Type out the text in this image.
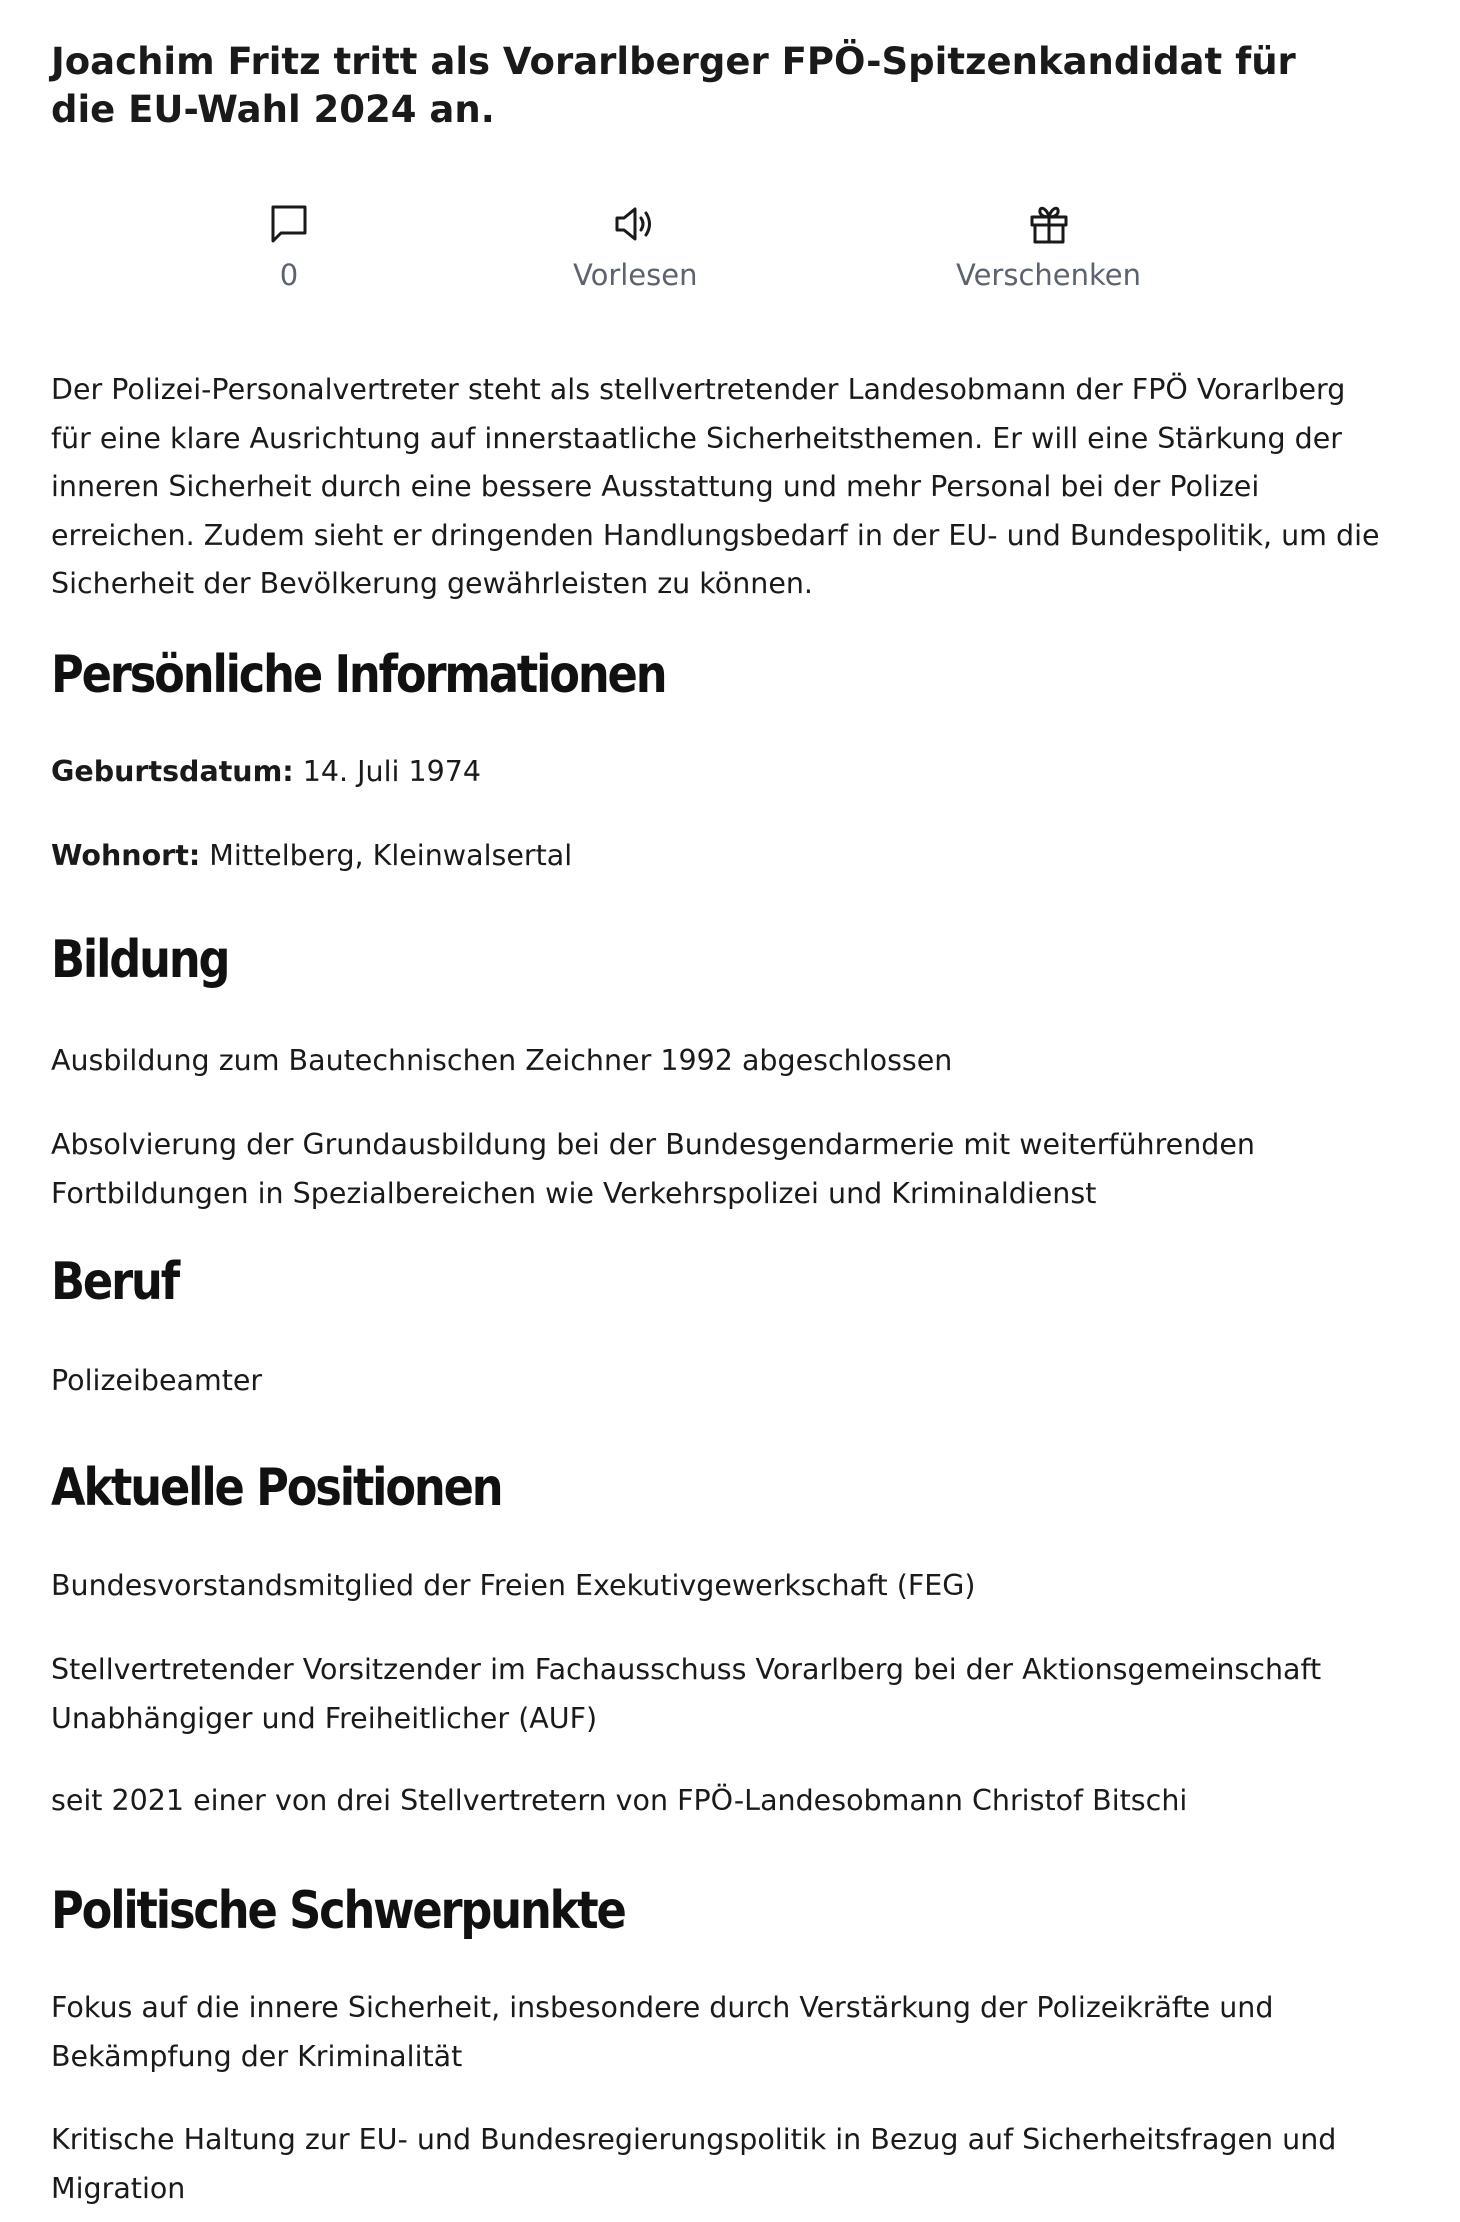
Joachim Fritz tritt als Vorarlberger FPÖ-Spitzenkandidat für die EU-Wahl 2024 an.
0	Vorlesen	Verschenken

Der Polizei-Personalvertreter steht als stellvertretender Landesobmann der FPÖ Vorarlberg für eine klare Ausrichtung auf innerstaatliche Sicherheitsthemen. Er will eine Stärkung der inneren Sicherheit durch eine bessere Ausstattung und mehr Personal bei der Polizei erreichen. Zudem sieht er dringenden Handlungsbedarf in der EU- und Bundespolitik, um die Sicherheit der Bevölkerung gewährleisten zu können.

Persönliche Informationen

Geburtsdatum: 14. Juli 1974

Wohnort: Mittelberg, Kleinwalsertal

Bildung

Ausbildung zum Bautechnischen Zeichner 1992 abgeschlossen

Absolvierung der Grundausbildung bei der Bundesgendarmerie mit weiterführenden Fortbildungen in Spezialbereichen wie Verkehrspolizei und Kriminaldienst

Beruf

Polizeibeamter

Aktuelle Positionen

Bundesvorstandsmitglied der Freien Exekutivgewerkschaft (FEG)

Stellvertretender Vorsitzender im Fachausschuss Vorarlberg bei der Aktionsgemeinschaft Unabhängiger und Freiheitlicher (AUF)

seit 2021 einer von drei Stellvertretern von FPÖ-Landesobmann Christof Bitschi

Politische Schwerpunkte

Fokus auf die innere Sicherheit, insbesondere durch Verstärkung der Polizeikräfte und Bekämpfung der Kriminalität

Kritische Haltung zur EU- und Bundesregierungspolitik in Bezug auf Sicherheitsfragen und Migration
